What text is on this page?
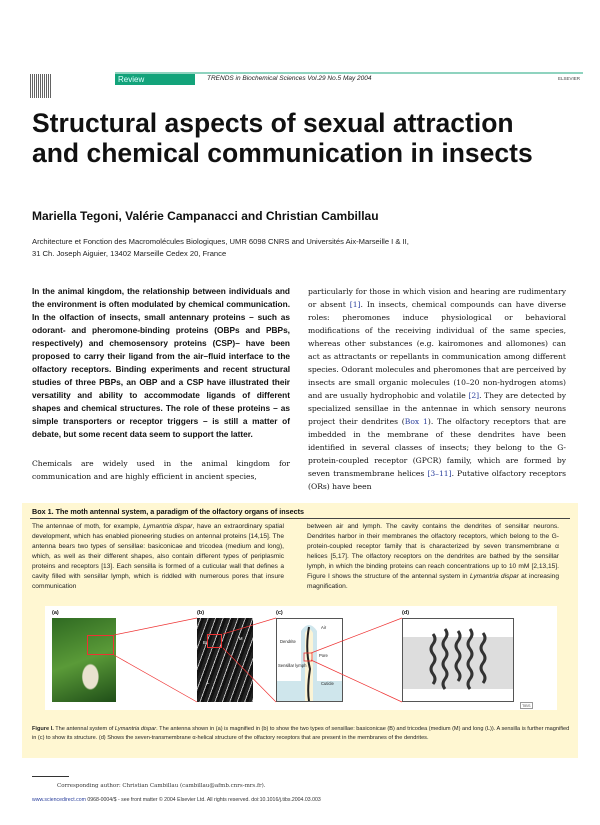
Review	TRENDS in Biochemical Sciences Vol.29 No.5 May 2004	ELSEVIER
Structural aspects of sexual attraction and chemical communication in insects
Mariella Tegoni, Valérie Campanacci and Christian Cambillau
Architecture et Fonction des Macromolécules Biologiques, UMR 6098 CNRS and Universités Aix-Marseille I & II,
31 Ch. Joseph Aiguier, 13402 Marseille Cedex 20, France

In the animal kingdom, the relationship between individuals and the environment is often modulated by chemical communication. In the olfaction of insects, small antennary proteins – such as odorant- and pheromone-binding proteins (OBPs and PBPs, respectively) and chemosensory proteins (CSP)– have been proposed to carry their ligand from the air–fluid interface to the olfactory receptors. Binding experiments and recent structural studies of three PBPs, an OBP and a CSP have illustrated their versatility and ability to accommodate ligands of different shapes and chemical structures. The role of these proteins – as simple transporters or receptor triggers – is still a matter of debate, but some recent data seem to support the latter.

Chemicals are widely used in the animal kingdom for communication and are highly efficient in ancient species,

particularly for those in which vision and hearing are rudimentary or absent [1]. In insects, chemical compounds can have diverse roles: pheromones induce physiological or behavioral modifications of the receiving individual of the same species, whereas other substances (e.g. kairomones and allomones) can act as attractants or repellants in communication among different species. Odorant molecules and pheromones that are perceived by insects are small organic molecules (10–20 non-hydrogen atoms) and are usually hydrophobic and volatile [2]. They are detected by specialized sensillae in the antennae in which sensory neurons project their dendrites (Box 1). The olfactory receptors that are imbedded in the membrane of these dendrites have been identified in several classes of insects; they belong to the G-protein-coupled receptor (GPCR) family, which are formed by seven transmembrane helices [3–11]. Putative olfactory receptors (ORs) have been

Box 1. The moth antennal system, a paradigm of the olfactory organs of insects

The antennae of moth, for example, Lymantria dispar, have an extraordinary spatial development, which has enabled pioneering studies on antennal proteins [14,15]. The antenna bears two types of sensillae: basiconicae and tricodea (medium and long), which, as well as their different shapes, also contain different types of periplasmic proteins and receptors [13]. Each sensilla is formed of a cuticular wall that defines a cavity filled with sensillar lymph, which is riddled with numerous pores that insure communication

between air and lymph. The cavity contains the dendrites of sensillar neurons. Dendrites harbor in their membranes the olfactory receptors, which belong to the G-protein-coupled receptor family that is characterized by seven transmembrane α helices [5,17]. The olfactory receptors on the dendrites are bathed by the sensillar lymph, in which the binding proteins can reach concentrations up to 10 mM [2,13,15]. Figure I shows the structure of the antennal system in Lymantria dispar at increasing magnification.

(a)	(b)	(c)	(d)
B
M
L
Air
Dendrite
Pore
Sensillar lymph
Cuticle
TiBS

Figure I. The antennal system of Lymantria dispar. The antenna shown in (a) is magnified in (b) to show the two types of sensillae: basiconicae (B) and tricodea (medium (M) and long (L)). A sensilla is further magnified in (c) to show its structure. (d) Shows the seven-transmembrane α-helical structure of the olfactory receptors that are present in the membranes of the dendrites.

Corresponding author: Christian Cambillau (cambillau@afmb.cnrs-mrs.fr).
www.sciencedirect.com 0968-0004/$ - see front matter © 2004 Elsevier Ltd. All rights reserved. doi:10.1016/j.tibs.2004.03.003
